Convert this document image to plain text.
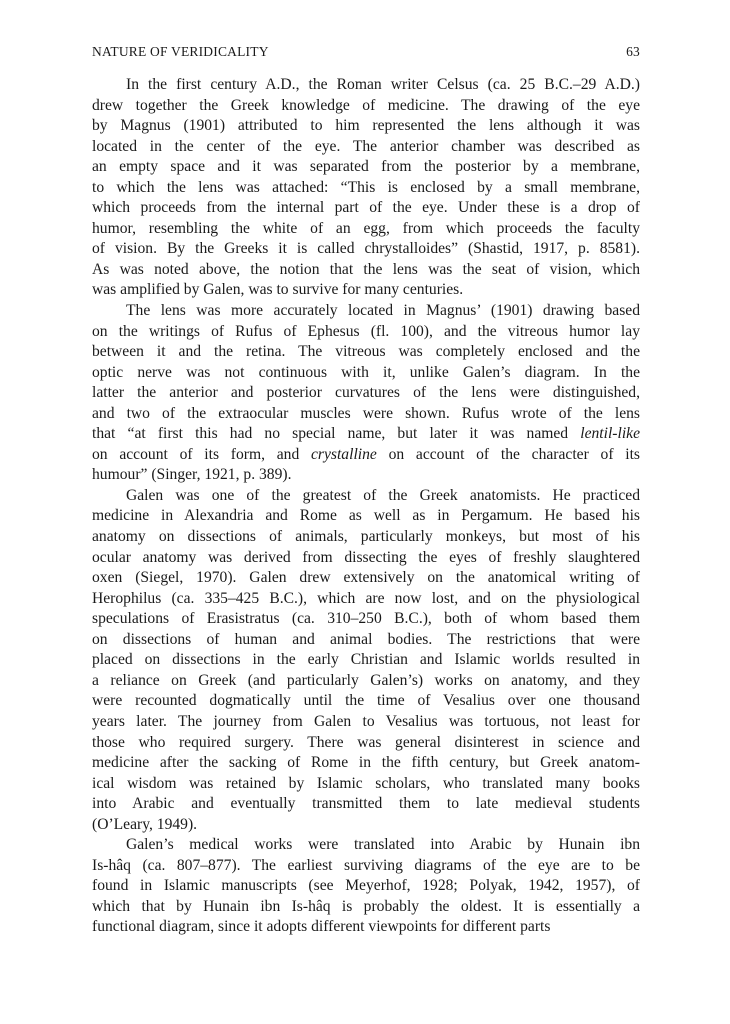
NATURE OF VERIDICALITY	63

In the first century A.D., the Roman writer Celsus (ca. 25 B.C.–29 A.D.)
drew together the Greek knowledge of medicine. The drawing of the eye
by Magnus (1901) attributed to him represented the lens although it was
located in the center of the eye. The anterior chamber was described as
an empty space and it was separated from the posterior by a membrane,
to which the lens was attached: “This is enclosed by a small membrane,
which proceeds from the internal part of the eye. Under these is a drop of
humor, resembling the white of an egg, from which proceeds the faculty
of vision. By the Greeks it is called chrystalloides” (Shastid, 1917, p. 8581).
As was noted above, the notion that the lens was the seat of vision, which
was amplified by Galen, was to survive for many centuries.

The lens was more accurately located in Magnus’ (1901) drawing based
on the writings of Rufus of Ephesus (fl. 100), and the vitreous humor lay
between it and the retina. The vitreous was completely enclosed and the
optic nerve was not continuous with it, unlike Galen’s diagram. In the
latter the anterior and posterior curvatures of the lens were distinguished,
and two of the extraocular muscles were shown. Rufus wrote of the lens
that “at first this had no special name, but later it was named lentil-like
on account of its form, and crystalline on account of the character of its
humour” (Singer, 1921, p. 389).

Galen was one of the greatest of the Greek anatomists. He practiced
medicine in Alexandria and Rome as well as in Pergamum. He based his
anatomy on dissections of animals, particularly monkeys, but most of his
ocular anatomy was derived from dissecting the eyes of freshly slaughtered
oxen (Siegel, 1970). Galen drew extensively on the anatomical writing of
Herophilus (ca. 335–425 B.C.), which are now lost, and on the physiological
speculations of Erasistratus (ca. 310–250 B.C.), both of whom based them
on dissections of human and animal bodies. The restrictions that were
placed on dissections in the early Christian and Islamic worlds resulted in
a reliance on Greek (and particularly Galen’s) works on anatomy, and they
were recounted dogmatically until the time of Vesalius over one thousand
years later. The journey from Galen to Vesalius was tortuous, not least for
those who required surgery. There was general disinterest in science and
medicine after the sacking of Rome in the fifth century, but Greek anatom-
ical wisdom was retained by Islamic scholars, who translated many books
into Arabic and eventually transmitted them to late medieval students
(O’Leary, 1949).

Galen’s medical works were translated into Arabic by Hunain ibn
Is-hâq (ca. 807–877). The earliest surviving diagrams of the eye are to be
found in Islamic manuscripts (see Meyerhof, 1928; Polyak, 1942, 1957), of
which that by Hunain ibn Is-hâq is probably the oldest. It is essentially a
functional diagram, since it adopts different viewpoints for different parts
